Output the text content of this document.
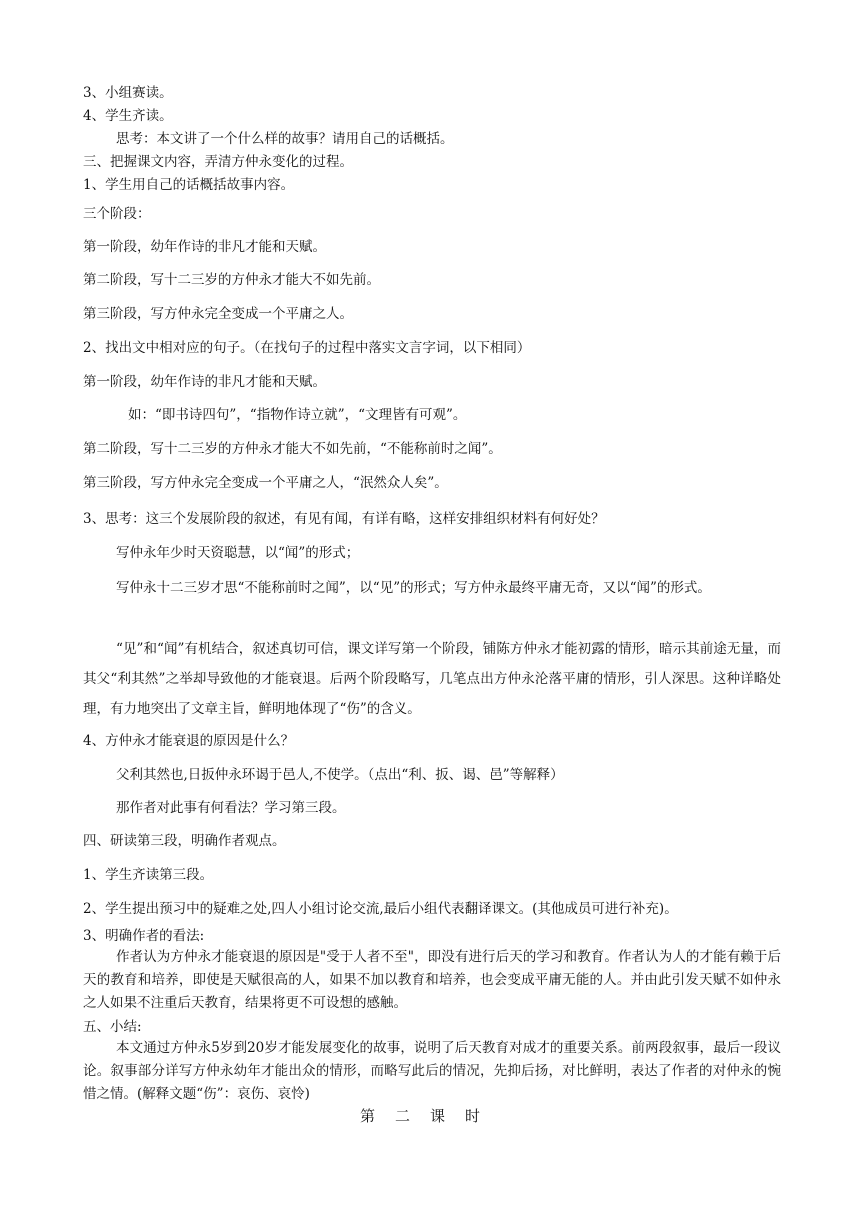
3、小组赛读。

4、学生齐读。

思考：本文讲了一个什么样的故事？请用自己的话概括。

三、把握课文内容，弄清方仲永变化的过程。

1、学生用自己的话概括故事内容。

三个阶段：

第一阶段，幼年作诗的非凡才能和天赋。

第二阶段，写十二三岁的方仲永才能大不如先前。

第三阶段，写方仲永完全变成一个平庸之人。

2、找出文中相对应的句子。（在找句子的过程中落实文言字词，以下相同）

第一阶段，幼年作诗的非凡才能和天赋。

如：“即书诗四句”，“指物作诗立就”，“文理皆有可观”。

第二阶段，写十二三岁的方仲永才能大不如先前，“不能称前时之闻”。

第三阶段，写方仲永完全变成一个平庸之人，“泯然众人矣”。

3、思考：这三个发展阶段的叙述，有见有闻，有详有略，这样安排组织材料有何好处？

写仲永年少时天资聪慧，以“闻”的形式；

写仲永十二三岁才思“不能称前时之闻”，以“见”的形式；写方仲永最终平庸无奇，又以“闻”的形式。

“见”和“闻”有机结合，叙述真切可信，课文详写第一个阶段，铺陈方仲永才能初露的情形，暗示其前途无量，而其父“利其然”之举却导致他的才能衰退。后两个阶段略写，几笔点出方仲永沦落平庸的情形，引人深思。这种详略处理，有力地突出了文章主旨，鲜明地体现了“伤”的含义。

4、方仲永才能衰退的原因是什么？

父利其然也,日扳仲永环谒于邑人,不使学。（点出“利、扳、谒、邑”等解释）

那作者对此事有何看法？学习第三段。

四、研读第三段，明确作者观点。

1、学生齐读第三段。

2、学生提出预习中的疑难之处,四人小组讨论交流,最后小组代表翻译课文。(其他成员可进行补充)。

3、明确作者的看法:

作者认为方仲永才能衰退的原因是"受于人者不至"，即没有进行后天的学习和教育。作者认为人的才能有赖于后天的教育和培养，即使是天赋很高的人，如果不加以教育和培养，也会变成平庸无能的人。并由此引发天赋不如仲永之人如果不注重后天教育，结果将更不可设想的感触。

五、小结:

本文通过方仲永5岁到20岁才能发展变化的故事，说明了后天教育对成才的重要关系。前两段叙事，最后一段议论。叙事部分详写方仲永幼年才能出众的情形，而略写此后的情况，先抑后扬，对比鲜明，表达了作者的对仲永的惋惜之情。(解释文题“伤”：哀伤、哀怜)

第二课时
